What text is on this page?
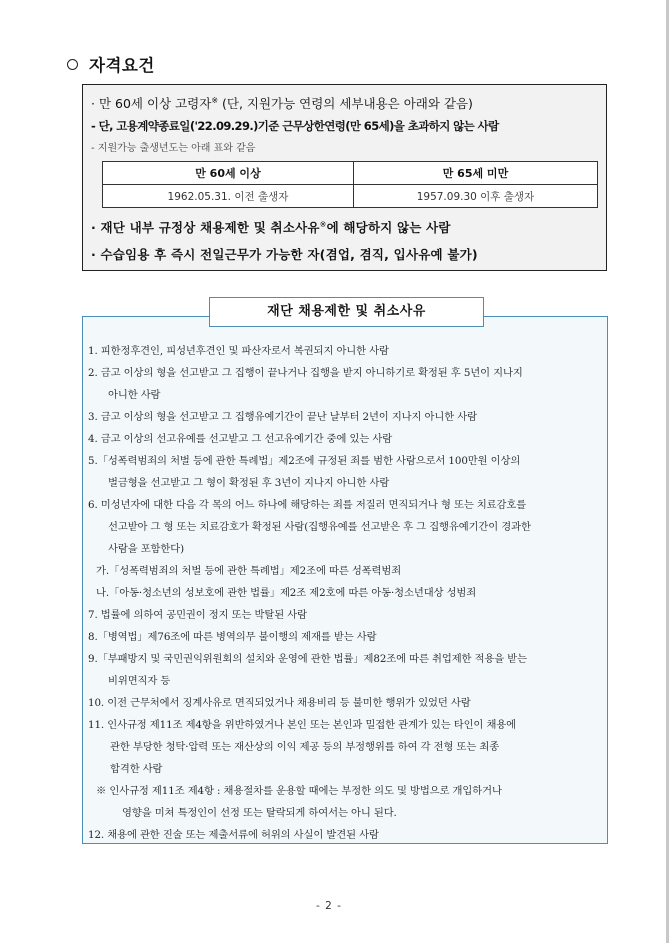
자격요건
· 만 60세 이상 고령자※ (단, 지원가능 연령의 세부내용은 아래와 같음)
- 단, 고용계약종료일('22.09.29.)기준 근무상한연령(만 65세)을 초과하지 않는 사람
- 지원가능 출생년도는 아래 표와 같음
만 60세 이상	만 65세 미만
1962.05.31. 이전 출생자	1957.09.30 이후 출생자
· 재단 내부 규정상 채용제한 및 취소사유※에 해당하지 않는 사람
· 수습임용 후 즉시 전일근무가 가능한 자(겸업, 겸직, 입사유예 불가)
재단 채용제한 및 취소사유
1. 피한정후견인, 피성년후견인 및 파산자로서 복권되지 아니한 사람
2. 금고 이상의 형을 선고받고 그 집행이 끝나거나 집행을 받지 아니하기로 확정된 후 5년이 지나지
아니한 사람
3. 금고 이상의 형을 선고받고 그 집행유예기간이 끝난 날부터 2년이 지나지 아니한 사람
4. 금고 이상의 선고유예를 선고받고 그 선고유예기간 중에 있는 사람
5.「성폭력범죄의 처벌 등에 관한 특례법」제2조에 규정된 죄를 범한 사람으로서 100만원 이상의
벌금형을 선고받고 그 형이 확정된 후 3년이 지나지 아니한 사람
6. 미성년자에 대한 다음 각 목의 어느 하나에 해당하는 죄를 저질러 면직되거나 형 또는 치료감호를
선고받아 그 형 또는 치료감호가 확정된 사람(집행유예를 선고받은 후 그 집행유예기간이 경과한
사람을 포함한다)
가.「성폭력범죄의 처벌 등에 관한 특례법」제2조에 따른 성폭력범죄
나.「아동·청소년의 성보호에 관한 법률」제2조 제2호에 따른 아동·청소년대상 성범죄
7. 법률에 의하여 공민권이 정지 또는 박탈된 사람
8.「병역법」제76조에 따른 병역의무 불이행의 제재를 받는 사람
9.「부패방지 및 국민권익위원회의 설치와 운영에 관한 법률」제82조에 따른 취업제한 적용을 받는
비위면직자 등
10. 이전 근무처에서 징계사유로 면직되었거나 채용비리 등 불미한 행위가 있었던 사람
11. 인사규정 제11조 제4항을 위반하였거나 본인 또는 본인과 밀접한 관계가 있는 타인이 채용에
관한 부당한 청탁·압력 또는 재산상의 이익 제공 등의 부정행위를 하여 각 전형 또는 최종
합격한 사람
※ 인사규정 제11조 제4항 : 채용절차를 운용할 때에는 부정한 의도 및 방법으로 개입하거나
영향을 미쳐 특정인이 선정 또는 탈락되게 하여서는 아니 된다.
12. 채용에 관한 진술 또는 제출서류에 허위의 사실이 발견된 사람
- 2 -
